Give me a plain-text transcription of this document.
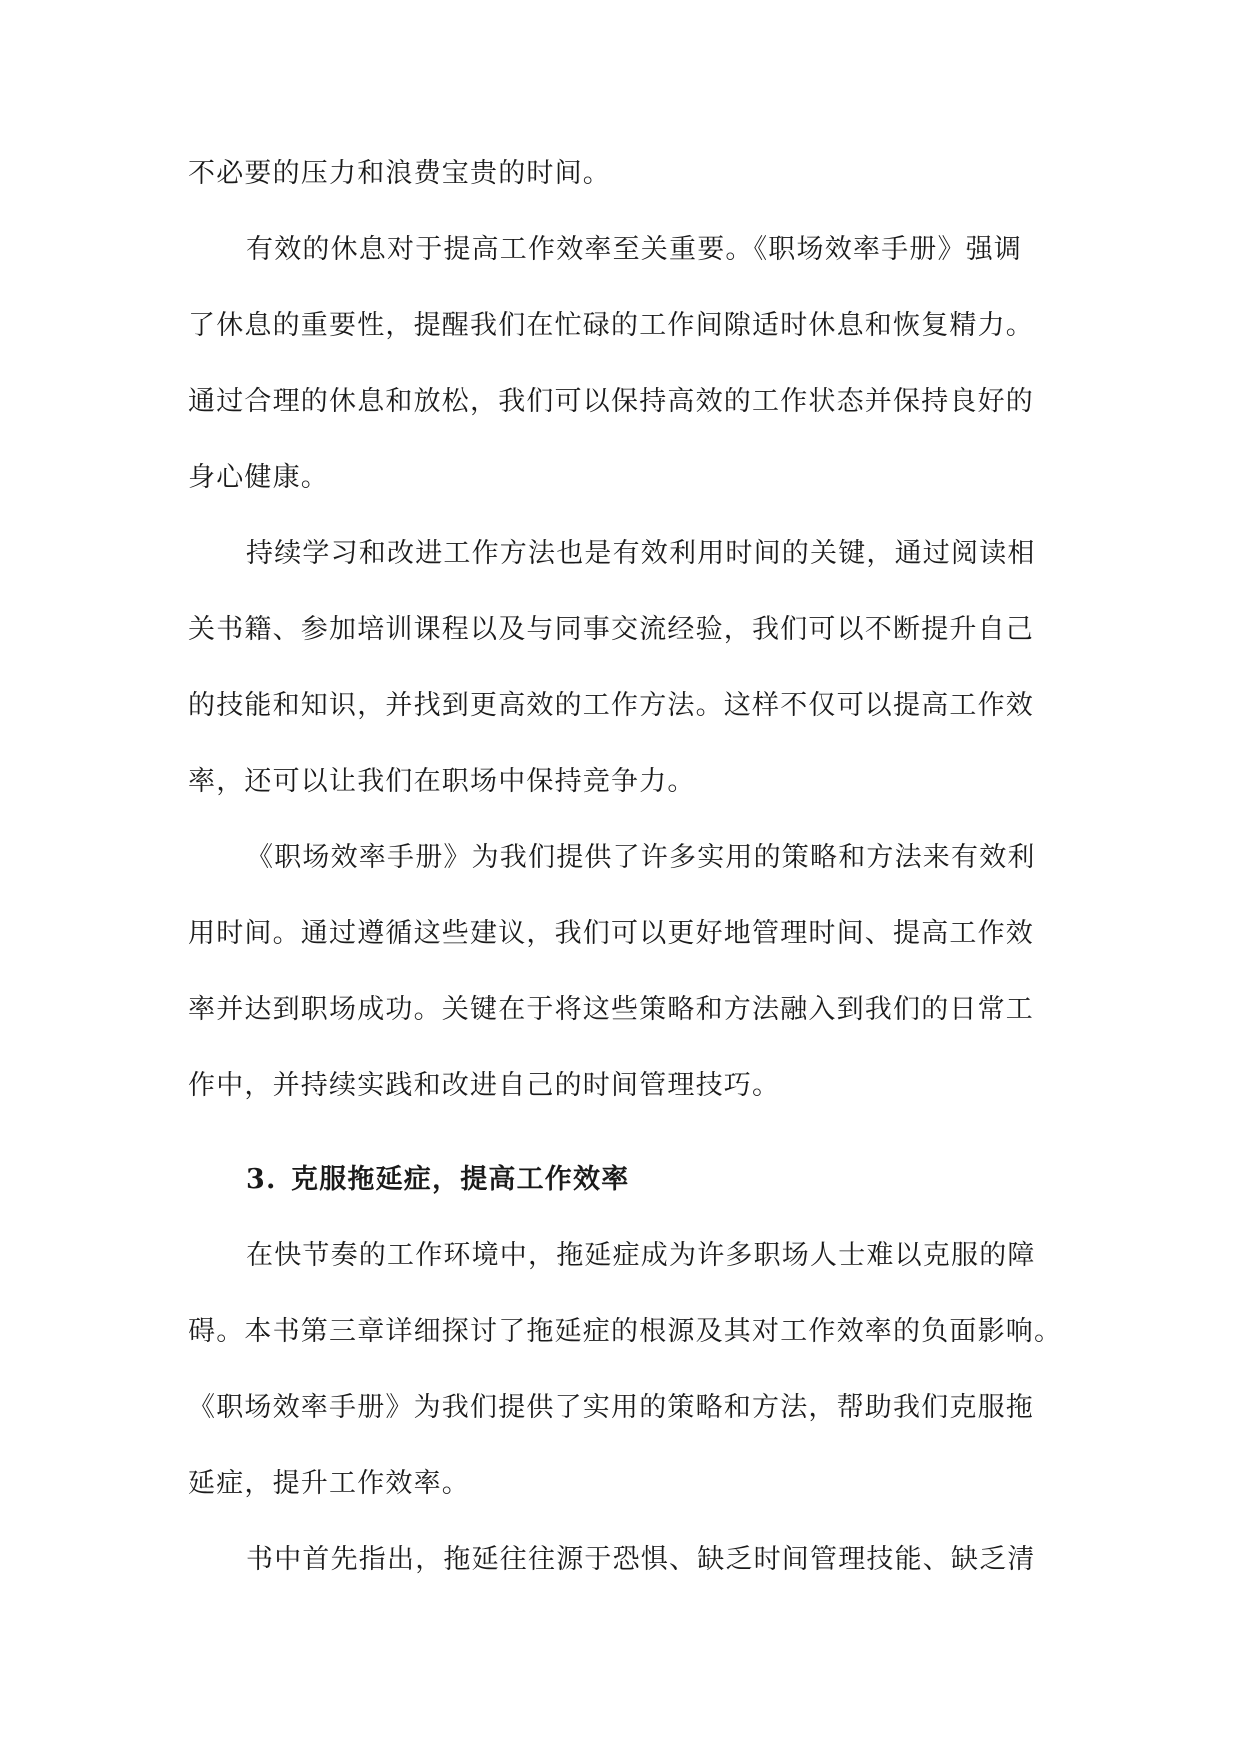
不必要的压力和浪费宝贵的时间。
有效的休息对于提高工作效率至关重要。《职场效率手册》强调
了休息的重要性，提醒我们在忙碌的工作间隙适时休息和恢复精力。
通过合理的休息和放松，我们可以保持高效的工作状态并保持良好的
身心健康。
持续学习和改进工作方法也是有效利用时间的关键，通过阅读相
关书籍、参加培训课程以及与同事交流经验，我们可以不断提升自己
的技能和知识，并找到更高效的工作方法。这样不仅可以提高工作效
率，还可以让我们在职场中保持竞争力。
《职场效率手册》为我们提供了许多实用的策略和方法来有效利
用时间。通过遵循这些建议，我们可以更好地管理时间、提高工作效
率并达到职场成功。关键在于将这些策略和方法融入到我们的日常工
作中，并持续实践和改进自己的时间管理技巧。
3. 克服拖延症，提高工作效率
在快节奏的工作环境中，拖延症成为许多职场人士难以克服的障
碍。本书第三章详细探讨了拖延症的根源及其对工作效率的负面影响。
《职场效率手册》为我们提供了实用的策略和方法，帮助我们克服拖
延症，提升工作效率。
书中首先指出，拖延往往源于恐惧、缺乏时间管理技能、缺乏清
